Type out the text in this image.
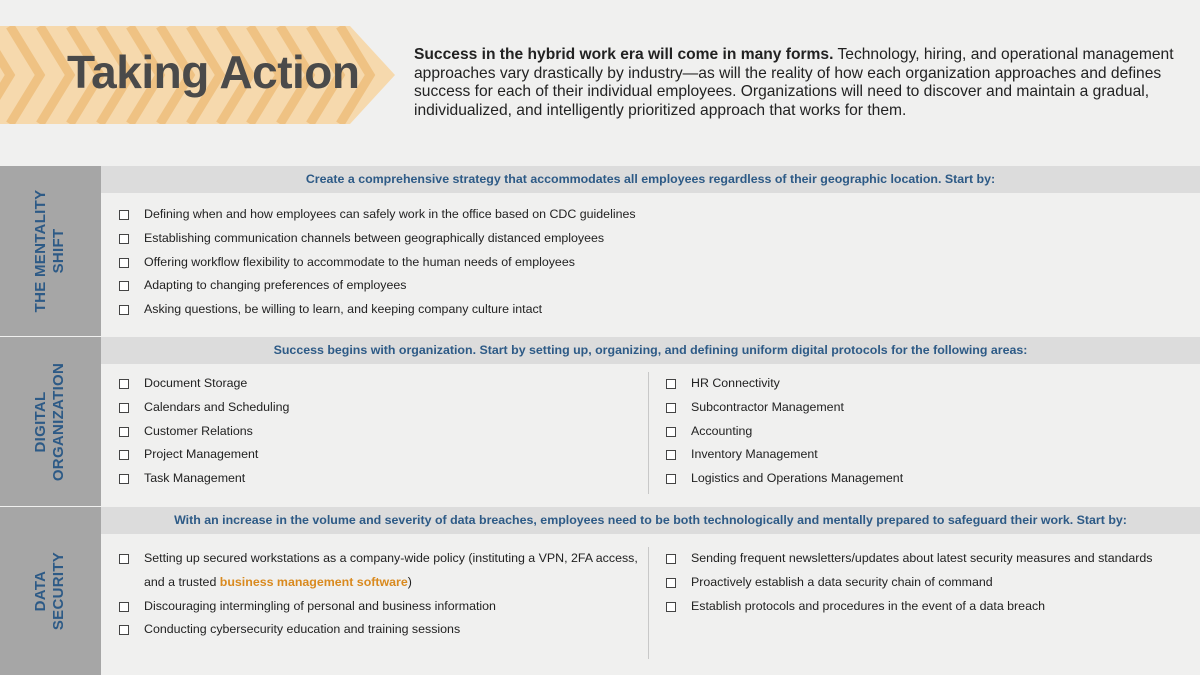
Taking Action	Success in the hybrid work era will come in many forms. Technology, hiring, and operational management approaches vary drastically by industry—as will the reality of how each organization approaches and defines success for each of their individual employees. Organizations will need to discover and maintain a gradual, individualized, and intelligently prioritized approach that works for them.
THE MENTALITY SHIFT
Create a comprehensive strategy that accommodates all employees regardless of their geographic location. Start by:
Defining when and how employees can safely work in the office based on CDC guidelines
Establishing communication channels between geographically distanced employees
Offering workflow flexibility to accommodate to the human needs of employees
Adapting to changing preferences of employees
Asking questions, be willing to learn, and keeping company culture intact
DIGITAL ORGANIZATION
Success begins with organization. Start by setting up, organizing, and defining uniform digital protocols for the following areas:
Document Storage
Calendars and Scheduling
Customer Relations
Project Management
Task Management
HR Connectivity
Subcontractor Management
Accounting
Inventory Management
Logistics and Operations Management
DATA SECURITY
With an increase in the volume and severity of data breaches, employees need to be both technologically and mentally prepared to safeguard their work. Start by:
Setting up secured workstations as a company-wide policy (instituting a VPN, 2FA access,
and a trusted business management software)
Discouraging intermingling of personal and business information
Conducting cybersecurity education and training sessions
Sending frequent newsletters/updates about latest security measures and standards
Proactively establish a data security chain of command
Establish protocols and procedures in the event of a data breach
